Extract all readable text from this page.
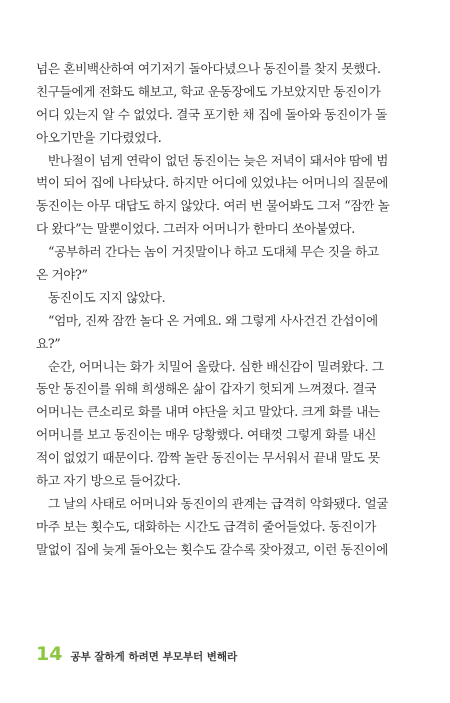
넘은 혼비백산하여 여기저기 돌아다녔으나 동진이를 찾지 못했다.
친구들에게 전화도 해보고, 학교 운동장에도 가보았지만 동진이가
어디 있는지 알 수 없었다. 결국 포기한 채 집에 돌아와 동진이가 돌
아오기만을 기다렸었다.
반나절이 넘게 연락이 없던 동진이는 늦은 저녁이 돼서야 땀에 범
벅이 되어 집에 나타났다. 하지만 어디에 있었냐는 어머니의 질문에
동진이는 아무 대답도 하지 않았다. 여러 번 물어봐도 그저 “잠깐 놀
다 왔다”는 말뿐이었다. 그러자 어머니가 한마디 쏘아붙였다.
“공부하러 간다는 놈이 거짓말이나 하고 도대체 무슨 짓을 하고
온 거야?”
동진이도 지지 않았다.
“엄마, 진짜 잠깐 놀다 온 거예요. 왜 그렇게 사사건건 간섭이에
요?”
순간, 어머니는 화가 치밀어 올랐다. 심한 배신감이 밀려왔다. 그
동안 동진이를 위해 희생해온 삶이 갑자기 헛되게 느껴졌다. 결국
어머니는 큰소리로 화를 내며 야단을 치고 말았다. 크게 화를 내는
어머니를 보고 동진이는 매우 당황했다. 여태껏 그렇게 화를 내신
적이 없었기 때문이다. 깜짝 놀란 동진이는 무서워서 끝내 말도 못
하고 자기 방으로 들어갔다.
그 날의 사태로 어머니와 동진이의 관계는 급격히 악화됐다. 얼굴
마주 보는 횟수도, 대화하는 시간도 급격히 줄어들었다. 동진이가
말없이 집에 늦게 돌아오는 횟수도 갈수록 잦아졌고, 이런 동진이에
14 공부 잘하게 하려면 부모부터 변해라
